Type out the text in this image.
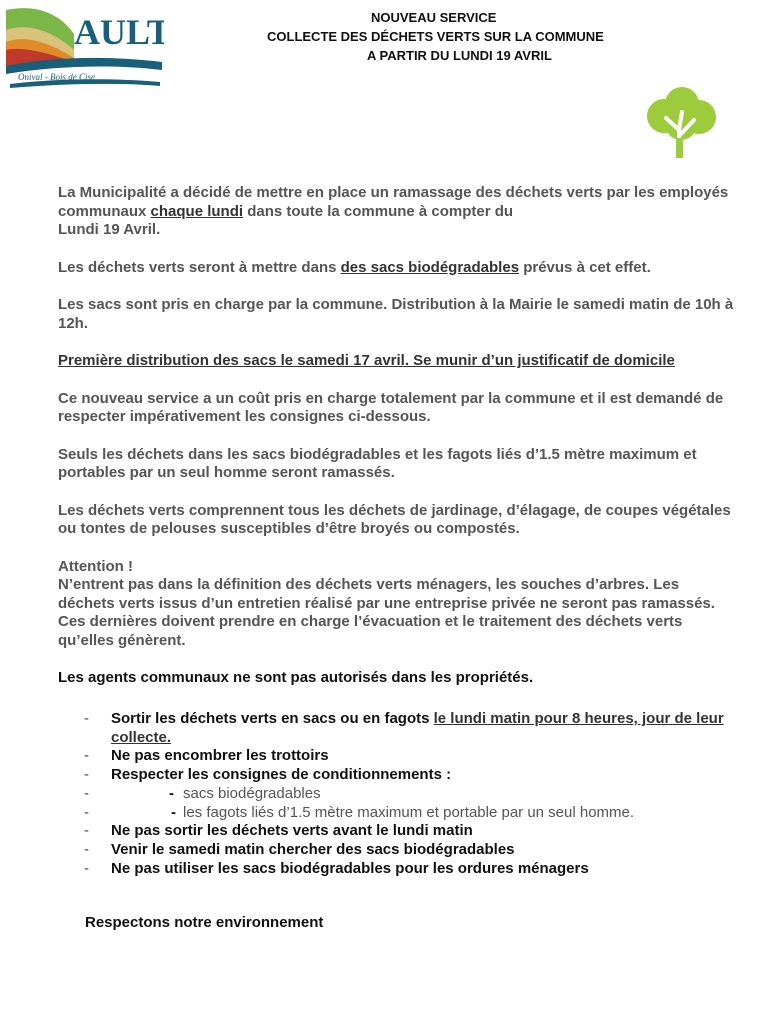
AULT
Onival - Bois de Cise
NOUVEAU SERVICE
COLLECTE DES DÉCHETS VERTS SUR LA COMMUNE
A PARTIR DU LUNDI 19 AVRIL

La Municipalité a décidé de mettre en place un ramassage des déchets verts par les employés communaux chaque lundi dans toute la commune à compter du
Lundi 19 Avril.

Les déchets verts seront à mettre dans des sacs biodégradables prévus à cet effet.

Les sacs sont pris en charge par la commune. Distribution à la Mairie le samedi matin de 10h à 12h.

Première distribution des sacs le samedi 17 avril. Se munir d’un justificatif de domicile

Ce nouveau service a un coût pris en charge totalement par la commune et il est demandé de respecter impérativement les consignes ci-dessous.

Seuls les déchets dans les sacs biodégradables et les fagots liés d’1.5 mètre maximum et portables par un seul homme seront ramassés.

Les déchets verts comprennent tous les déchets de jardinage, d’élagage, de coupes végétales ou tontes de pelouses susceptibles d’être broyés ou compostés.

Attention !

N’entrent pas dans la définition des déchets verts ménagers, les souches d’arbres. Les déchets verts issus d’un entretien réalisé par une entreprise privée ne seront pas ramassés. Ces dernières doivent prendre en charge l’évacuation et le traitement des déchets verts qu’elles génèrent.

Les agents communaux ne sont pas autorisés dans les propriétés.

- Sortir les déchets verts en sacs ou en fagots le lundi matin pour 8 heures, jour de leur collecte.
- Ne pas encombrer les trottoirs
- Respecter les consignes de conditionnements :
-	- sacs biodégradables
-	- les fagots liés d’1.5 mètre maximum et portable par un seul homme.
- Ne pas sortir les déchets verts avant le lundi matin
- Venir le samedi matin chercher des sacs biodégradables
- Ne pas utiliser les sacs biodégradables pour les ordures ménagers
Respectons notre environnement
